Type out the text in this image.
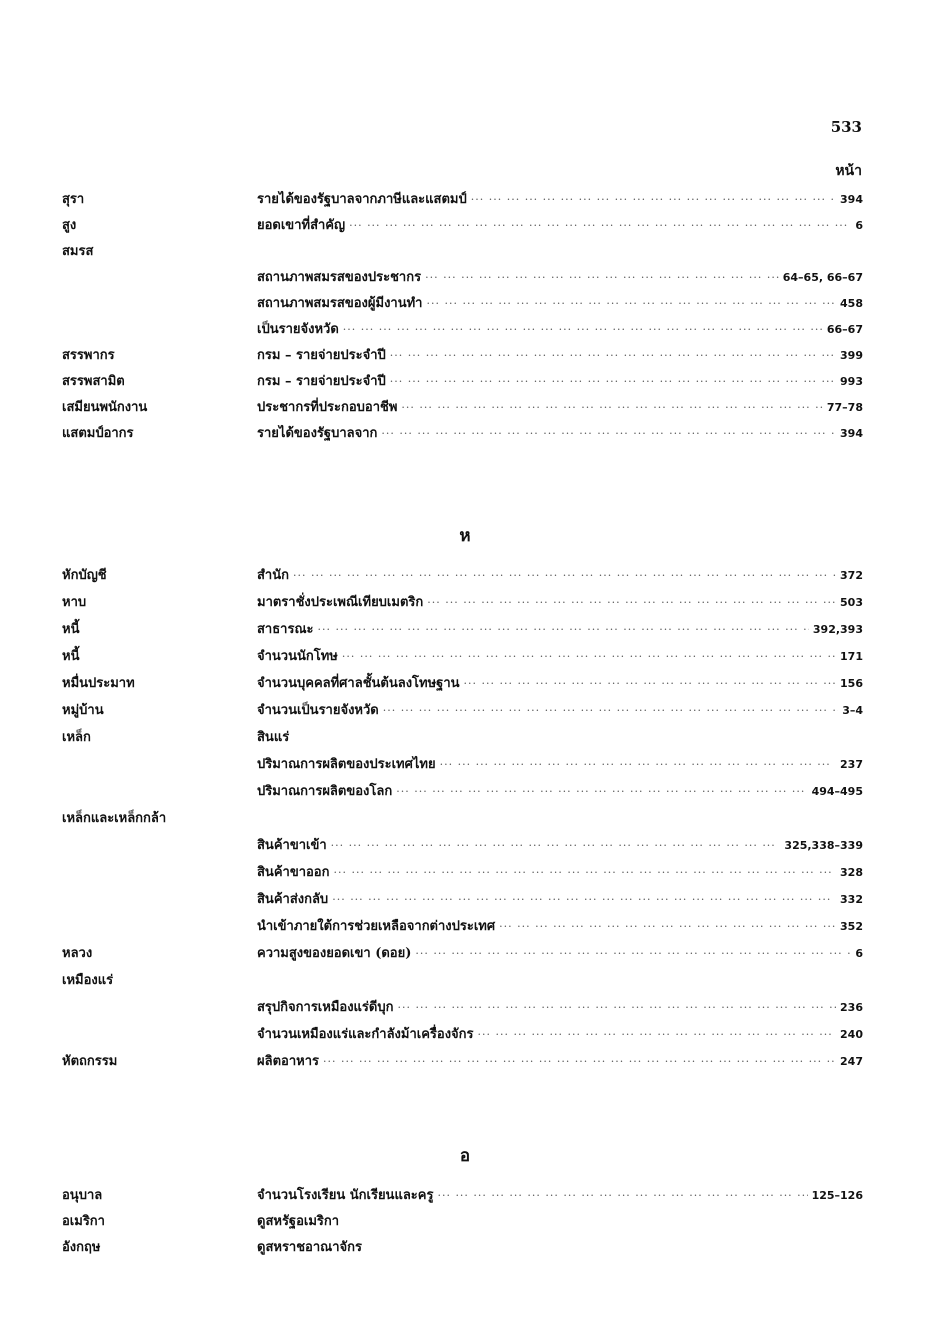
533
หน้า
สุรา	รายได้ของรัฐบาลจากภาษีและแสตมป์ ··· ·	394
สูง	ยอดเขาที่สำคัญ ··· ·	6
สมรส
สถานภาพสมรสของประชากร ··· ·	64–65, 66–67
สถานภาพสมรสของผู้มีงานทำ ··· ·	458
เป็นรายจังหวัด ··· ·	66–67
สรรพากร	กรม – รายจ่ายประจำปี ··· ·	399
สรรพสามิต	กรม – รายจ่ายประจำปี ··· ·	993
เสมียนพนักงาน	ประชากรที่ประกอบอาชีพ ··· ·	77–78
แสตมป์อากร	รายได้ของรัฐบาลจาก ··· ·	394
ห
หักบัญชี	สำนัก ··· ·	372
หาบ	มาตราชั่งประเพณีเทียบเมตริก ··· ·	503
หนี้	สาธารณะ ··· ·	392,393
หนี้	จำนวนนักโทษ ··· ·	171
หมื่นประมาท	จำนวนบุคคลที่ศาลชั้นต้นลงโทษฐาน ··· ·	156
หมู่บ้าน	จำนวนเป็นรายจังหวัด ··· ·	3–4
เหล็ก	สินแร่
ปริมาณการผลิตของประเทศไทย ··· ·	237
ปริมาณการผลิตของโลก ··· ·	494–495
เหล็กและเหล็กกล้า
สินค้าขาเข้า ··· ·	325,338–339
สินค้าขาออก ··· ·	328
สินค้าส่งกลับ ··· ·	332
นำเข้าภายใต้การช่วยเหลือจากต่างประเทศ ··· ·	352
หลวง	ความสูงของยอดเขา (ดอย) ··· ·	6
เหมืองแร่
สรุปกิจการเหมืองแร่ดีบุก ··· ·	236
จำนวนเหมืองแร่และกำลังม้าเครื่องจักร ··· ·	240
หัตถกรรม	ผลิตอาหาร ··· ·	247
อ
อนุบาล	จำนวนโรงเรียน นักเรียนและครู ··· ·	125–126
อเมริกา	ดูสหรัฐอเมริกา
อังกฤษ	ดูสหราชอาณาจักร
